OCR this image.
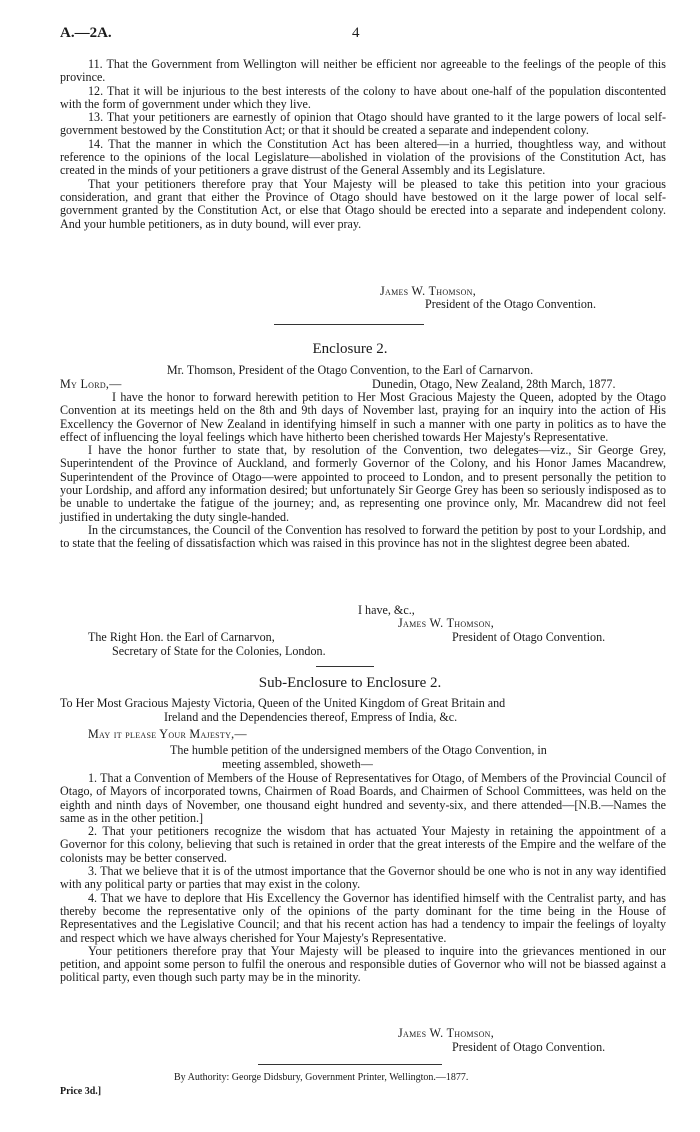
A.—2A.	4

11. That the Government from Wellington will neither be efficient nor agreeable to the feelings of the people of this province.

12. That it will be injurious to the best interests of the colony to have about one-half of the population discontented with the form of government under which they live.

13. That your petitioners are earnestly of opinion that Otago should have granted to it the large powers of local self-government bestowed by the Constitution Act; or that it should be created a separate and independent colony.

14. That the manner in which the Constitution Act has been altered—in a hurried, thoughtless way, and without reference to the opinions of the local Legislature—abolished in violation of the provisions of the Constitution Act, has created in the minds of your petitioners a grave distrust of the General Assembly and its Legislature.

That your petitioners therefore pray that Your Majesty will be pleased to take this petition into your gracious consideration, and grant that either the Province of Otago should have bestowed on it the large power of local self-government granted by the Constitution Act, or else that Otago should be erected into a separate and independent colony. And your humble petitioners, as in duty bound, will ever pray.

James W. Thomson,
President of the Otago Convention.
Enclosure 2.
Mr. Thomson, President of the Otago Convention, to the Earl of Carnarvon.
My Lord,—	Dunedin, Otago, New Zealand, 28th March, 1877.

I have the honor to forward herewith petition to Her Most Gracious Majesty the Queen, adopted by the Otago Convention at its meetings held on the 8th and 9th days of November last, praying for an inquiry into the action of His Excellency the Governor of New Zealand in identifying himself in such a manner with one party in politics as to have the effect of influencing the loyal feelings which have hitherto been cherished towards Her Majesty's Representative.

I have the honor further to state that, by resolution of the Convention, two delegates—viz., Sir George Grey, Superintendent of the Province of Auckland, and formerly Governor of the Colony, and his Honor James Macandrew, Superintendent of the Province of Otago—were appointed to proceed to London, and to present personally the petition to your Lordship, and afford any information desired; but unfortunately Sir George Grey has been so seriously indisposed as to be unable to undertake the fatigue of the journey; and, as representing one province only, Mr. Macandrew did not feel justified in undertaking the duty single-handed.

In the circumstances, the Council of the Convention has resolved to forward the petition by post to your Lordship, and to state that the feeling of dissatisfaction which was raised in this province has not in the slightest degree been abated.

I have, &c.,
James W. Thomson,
The Right Hon. the Earl of Carnarvon,	President of Otago Convention.
Secretary of State for the Colonies, London.
Sub-Enclosure to Enclosure 2.
To Her Most Gracious Majesty Victoria, Queen of the United Kingdom of Great Britain and
Ireland and the Dependencies thereof, Empress of India, &c.
May it please Your Majesty,—
The humble petition of the undersigned members of the Otago Convention, in
meeting assembled, showeth—

1. That a Convention of Members of the House of Representatives for Otago, of Members of the Provincial Council of Otago, of Mayors of incorporated towns, Chairmen of Road Boards, and Chairmen of School Committees, was held on the eighth and ninth days of November, one thousand eight hundred and seventy-six, and there attended—[N.B.—Names the same as in the other petition.]

2. That your petitioners recognize the wisdom that has actuated Your Majesty in retaining the appointment of a Governor for this colony, believing that such is retained in order that the great interests of the Empire and the welfare of the colonists may be better conserved.

3. That we believe that it is of the utmost importance that the Governor should be one who is not in any way identified with any political party or parties that may exist in the colony.

4. That we have to deplore that His Excellency the Governor has identified himself with the Centralist party, and has thereby become the representative only of the opinions of the party dominant for the time being in the House of Representatives and the Legislative Council; and that his recent action has had a tendency to impair the feelings of loyalty and respect which we have always cherished for Your Majesty's Representative.

Your petitioners therefore pray that Your Majesty will be pleased to inquire into the grievances mentioned in our petition, and appoint some person to fulfil the onerous and responsible duties of Governor who will not be biassed against a political party, even though such party may be in the minority.

James W. Thomson,
President of Otago Convention.
By Authority: George Didsbury, Government Printer, Wellington.—1877.
Price 3d.]
